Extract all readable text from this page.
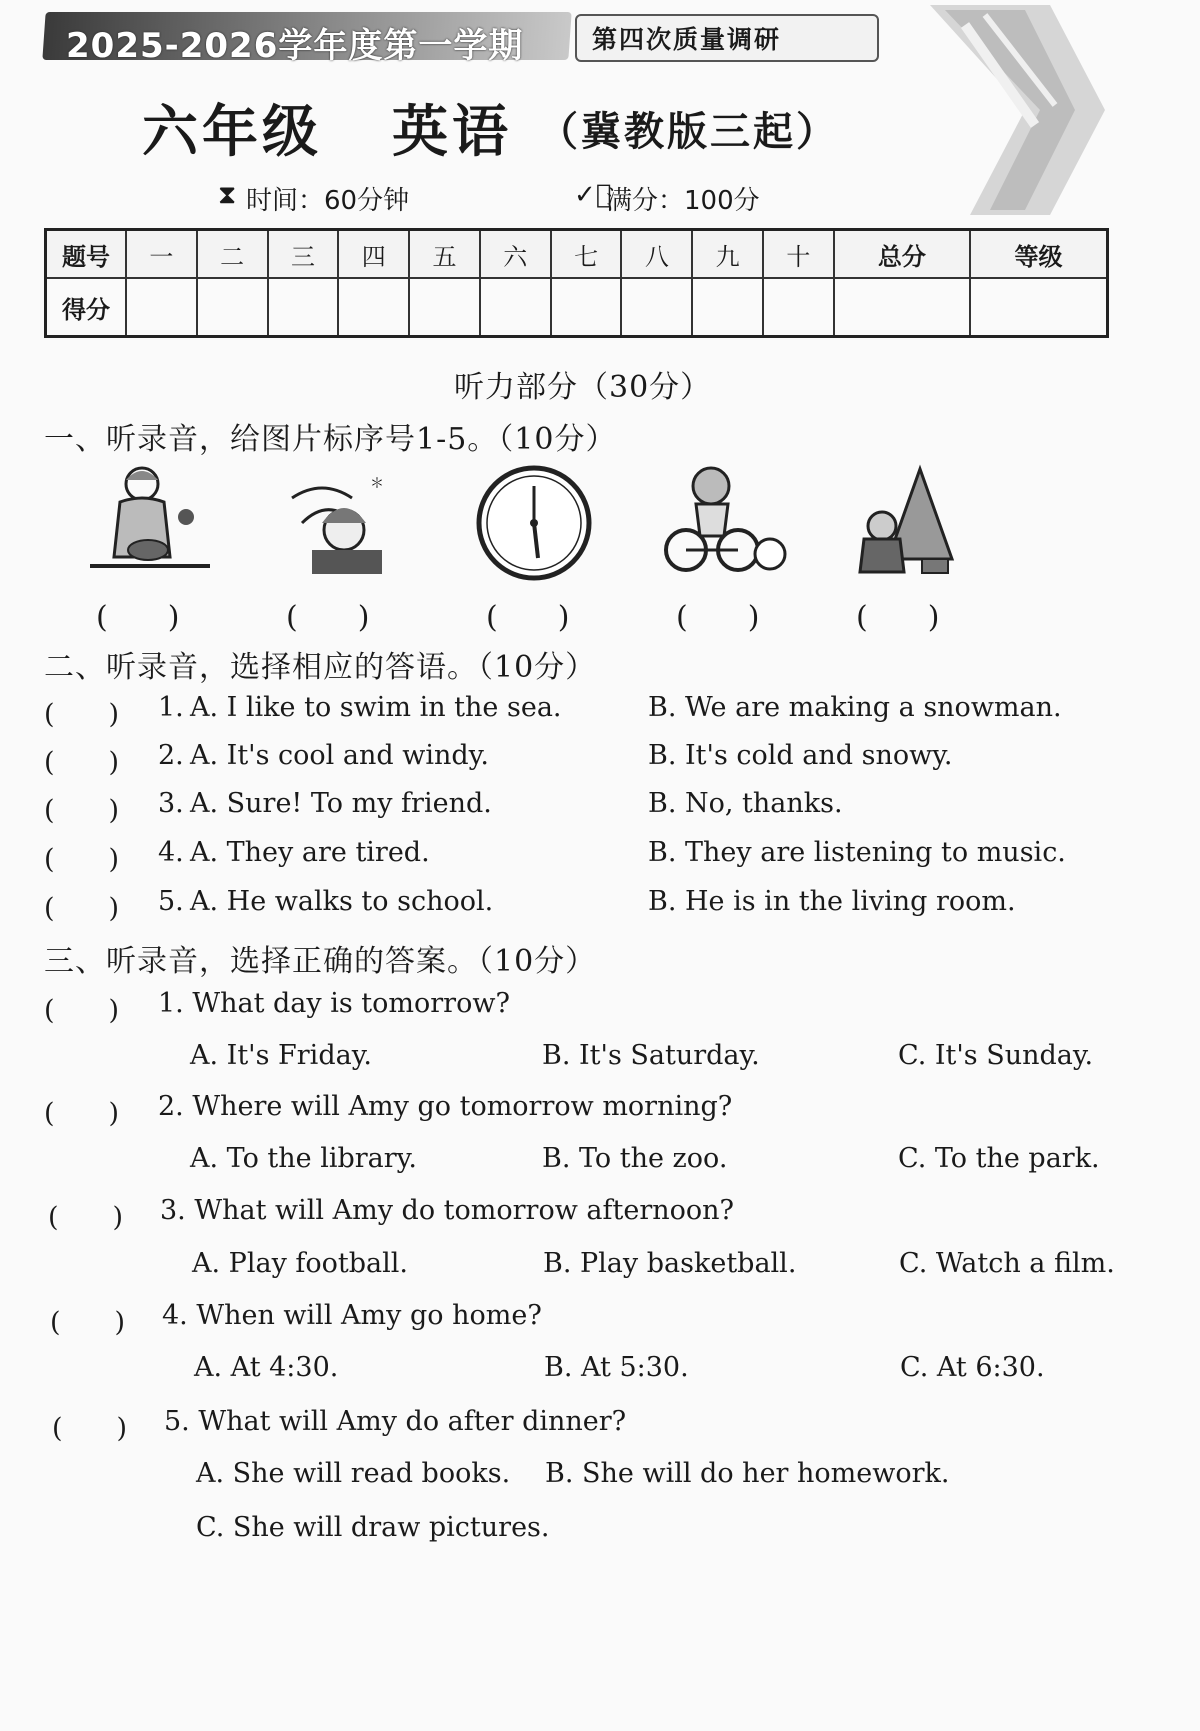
2025-2026学年度第一学期	第四次质量调研
六年级 英语 （冀教版三起）
⧗ 时间：60分钟	✓⃝
满分：100分
题号	一	二	三	四	五	六	七	八	九	十	总分	等级
得分												
听力部分（30分）
一、听录音，给图片标序号1-5。（10分）
＊
(　　)	(　　)	(　　)	(　　)	(　　)
二、听录音，选择相应的答语。（10分）
(　　) 1. A. I like to swim in the sea.	B. We are making a snowman.
(　　) 2. A. It's cool and windy.	B. It's cold and snowy.
(　　) 3. A. Sure! To my friend.	B. No, thanks.
(　　) 4. A. They are tired.	B. They are listening to music.
(　　) 5. A. He walks to school.	B. He is in the living room.
三、听录音，选择正确的答案。（10分）
(　　) 1. What day is tomorrow?
A. It's Friday.	B. It's Saturday.	C. It's Sunday.
(　　) 2. Where will Amy go tomorrow morning?
A. To the library.	B. To the zoo.	C. To the park.
(　　) 3. What will Amy do tomorrow afternoon?
A. Play football.	B. Play basketball.	C. Watch a film.
(　　) 4. When will Amy go home?
A. At 4:30.	B. At 5:30.	C. At 6:30.
(　　) 5. What will Amy do after dinner?
A. She will read books. B. She will do her homework.
C. She will draw pictures.
